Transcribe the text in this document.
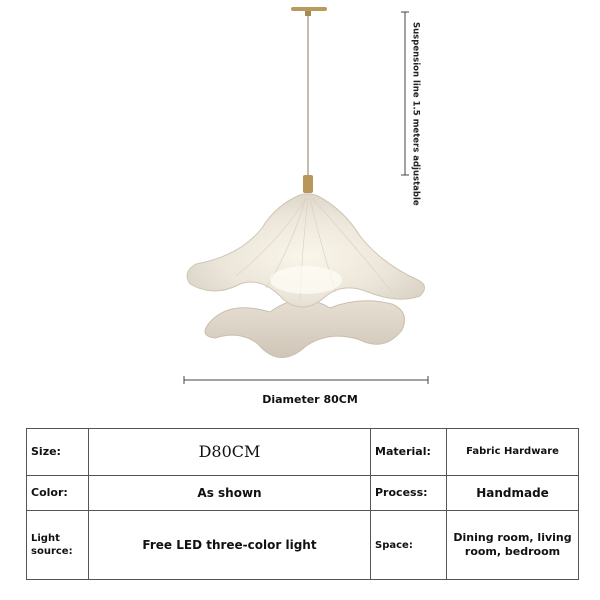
Suspension line 1.5 meters adjustable
Diameter 80CM
Size:	D80CM	Material:	Fabric Hardware
Color:	As shown	Process:	Handmade
Light source:	Free LED three-color light	Space:	Dining room, living room, bedroom
